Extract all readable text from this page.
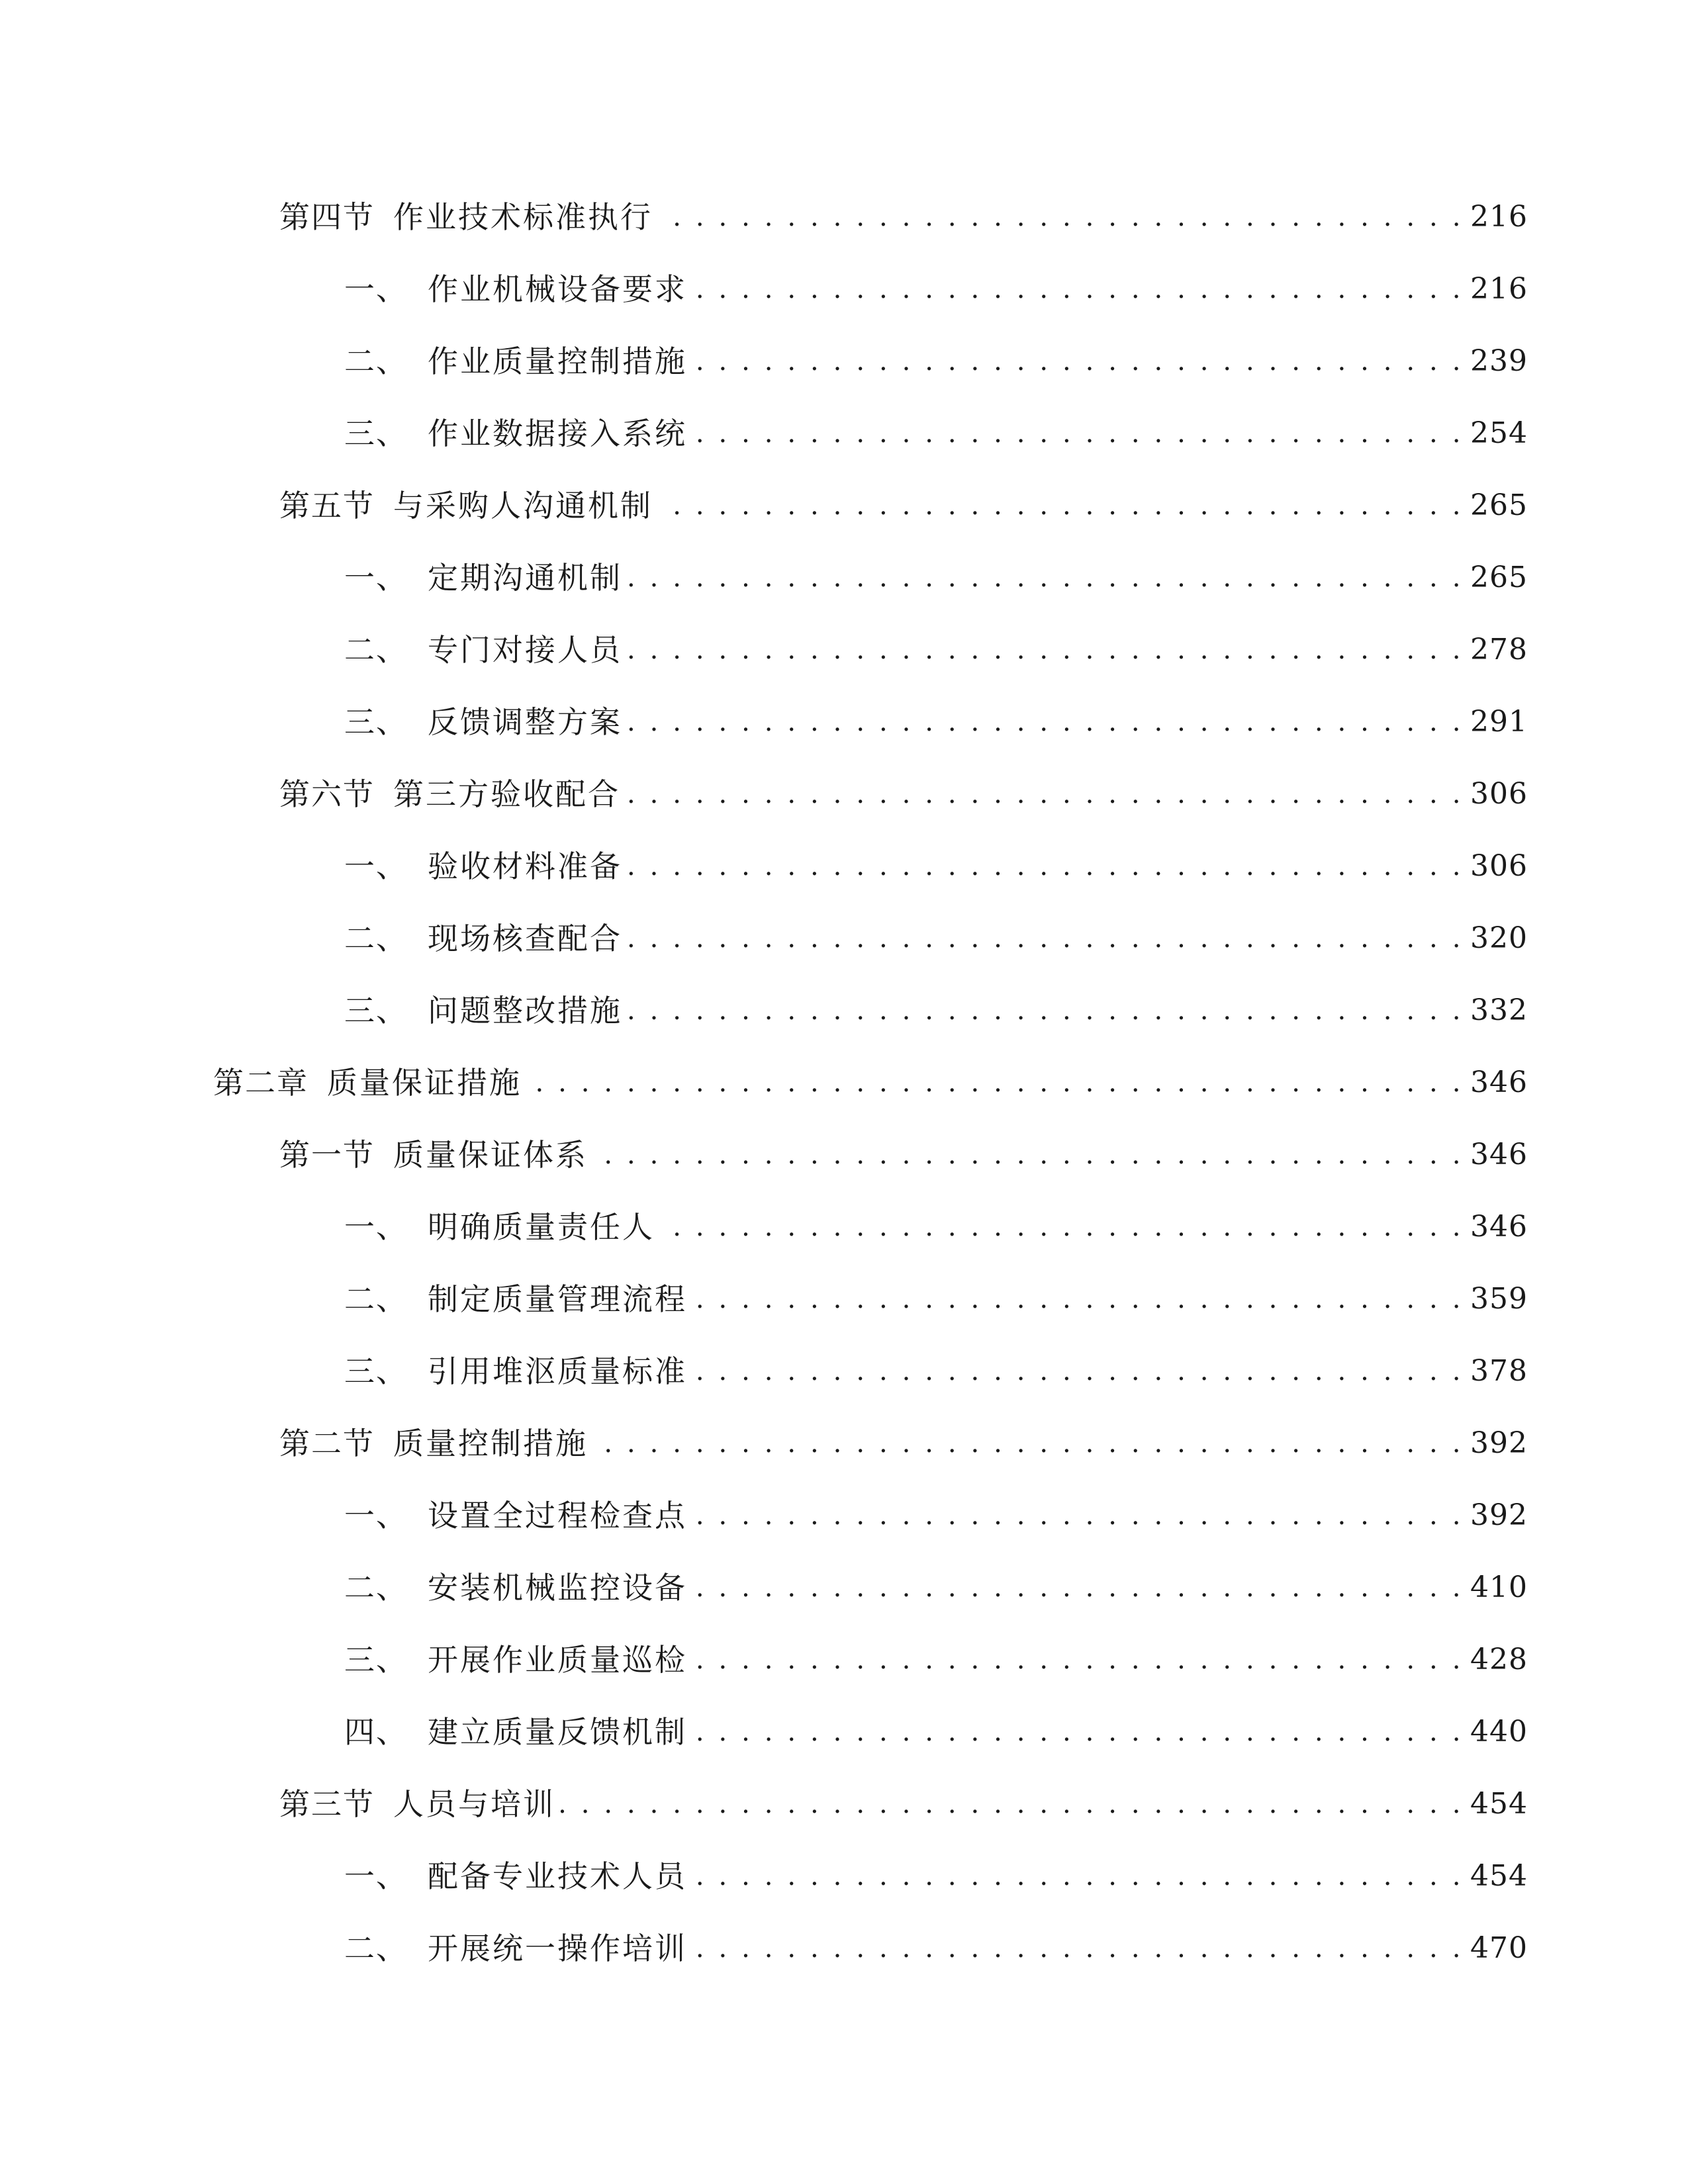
第四节 作业技术标准执行 . . .	216
一、 作业机械设备要求 . . .	216
二、 作业质量控制措施 . . .	239
三、 作业数据接入系统 . . .	254
第五节 与采购人沟通机制 . . .	265
一、 定期沟通机制 . . .	265
二、 专门对接人员 . . .	278
三、 反馈调整方案 . . .	291
第六节 第三方验收配合 . . .	306
一、 验收材料准备 . . .	306
二、 现场核查配合 . . .	320
三、 问题整改措施 . . .	332
第二章 质量保证措施 . . .	346
第一节 质量保证体系 . . .	346
一、 明确质量责任人 . . .	346
二、 制定质量管理流程 . . .	359
三、 引用堆沤质量标准 . . .	378
第二节 质量控制措施 . . .	392
一、 设置全过程检查点 . . .	392
二、 安装机械监控设备 . . .	410
三、 开展作业质量巡检 . . .	428
四、 建立质量反馈机制 . . .	440
第三节 人员与培训 . . .	454
一、 配备专业技术人员 . . .	454
二、 开展统一操作培训 . . .	470
